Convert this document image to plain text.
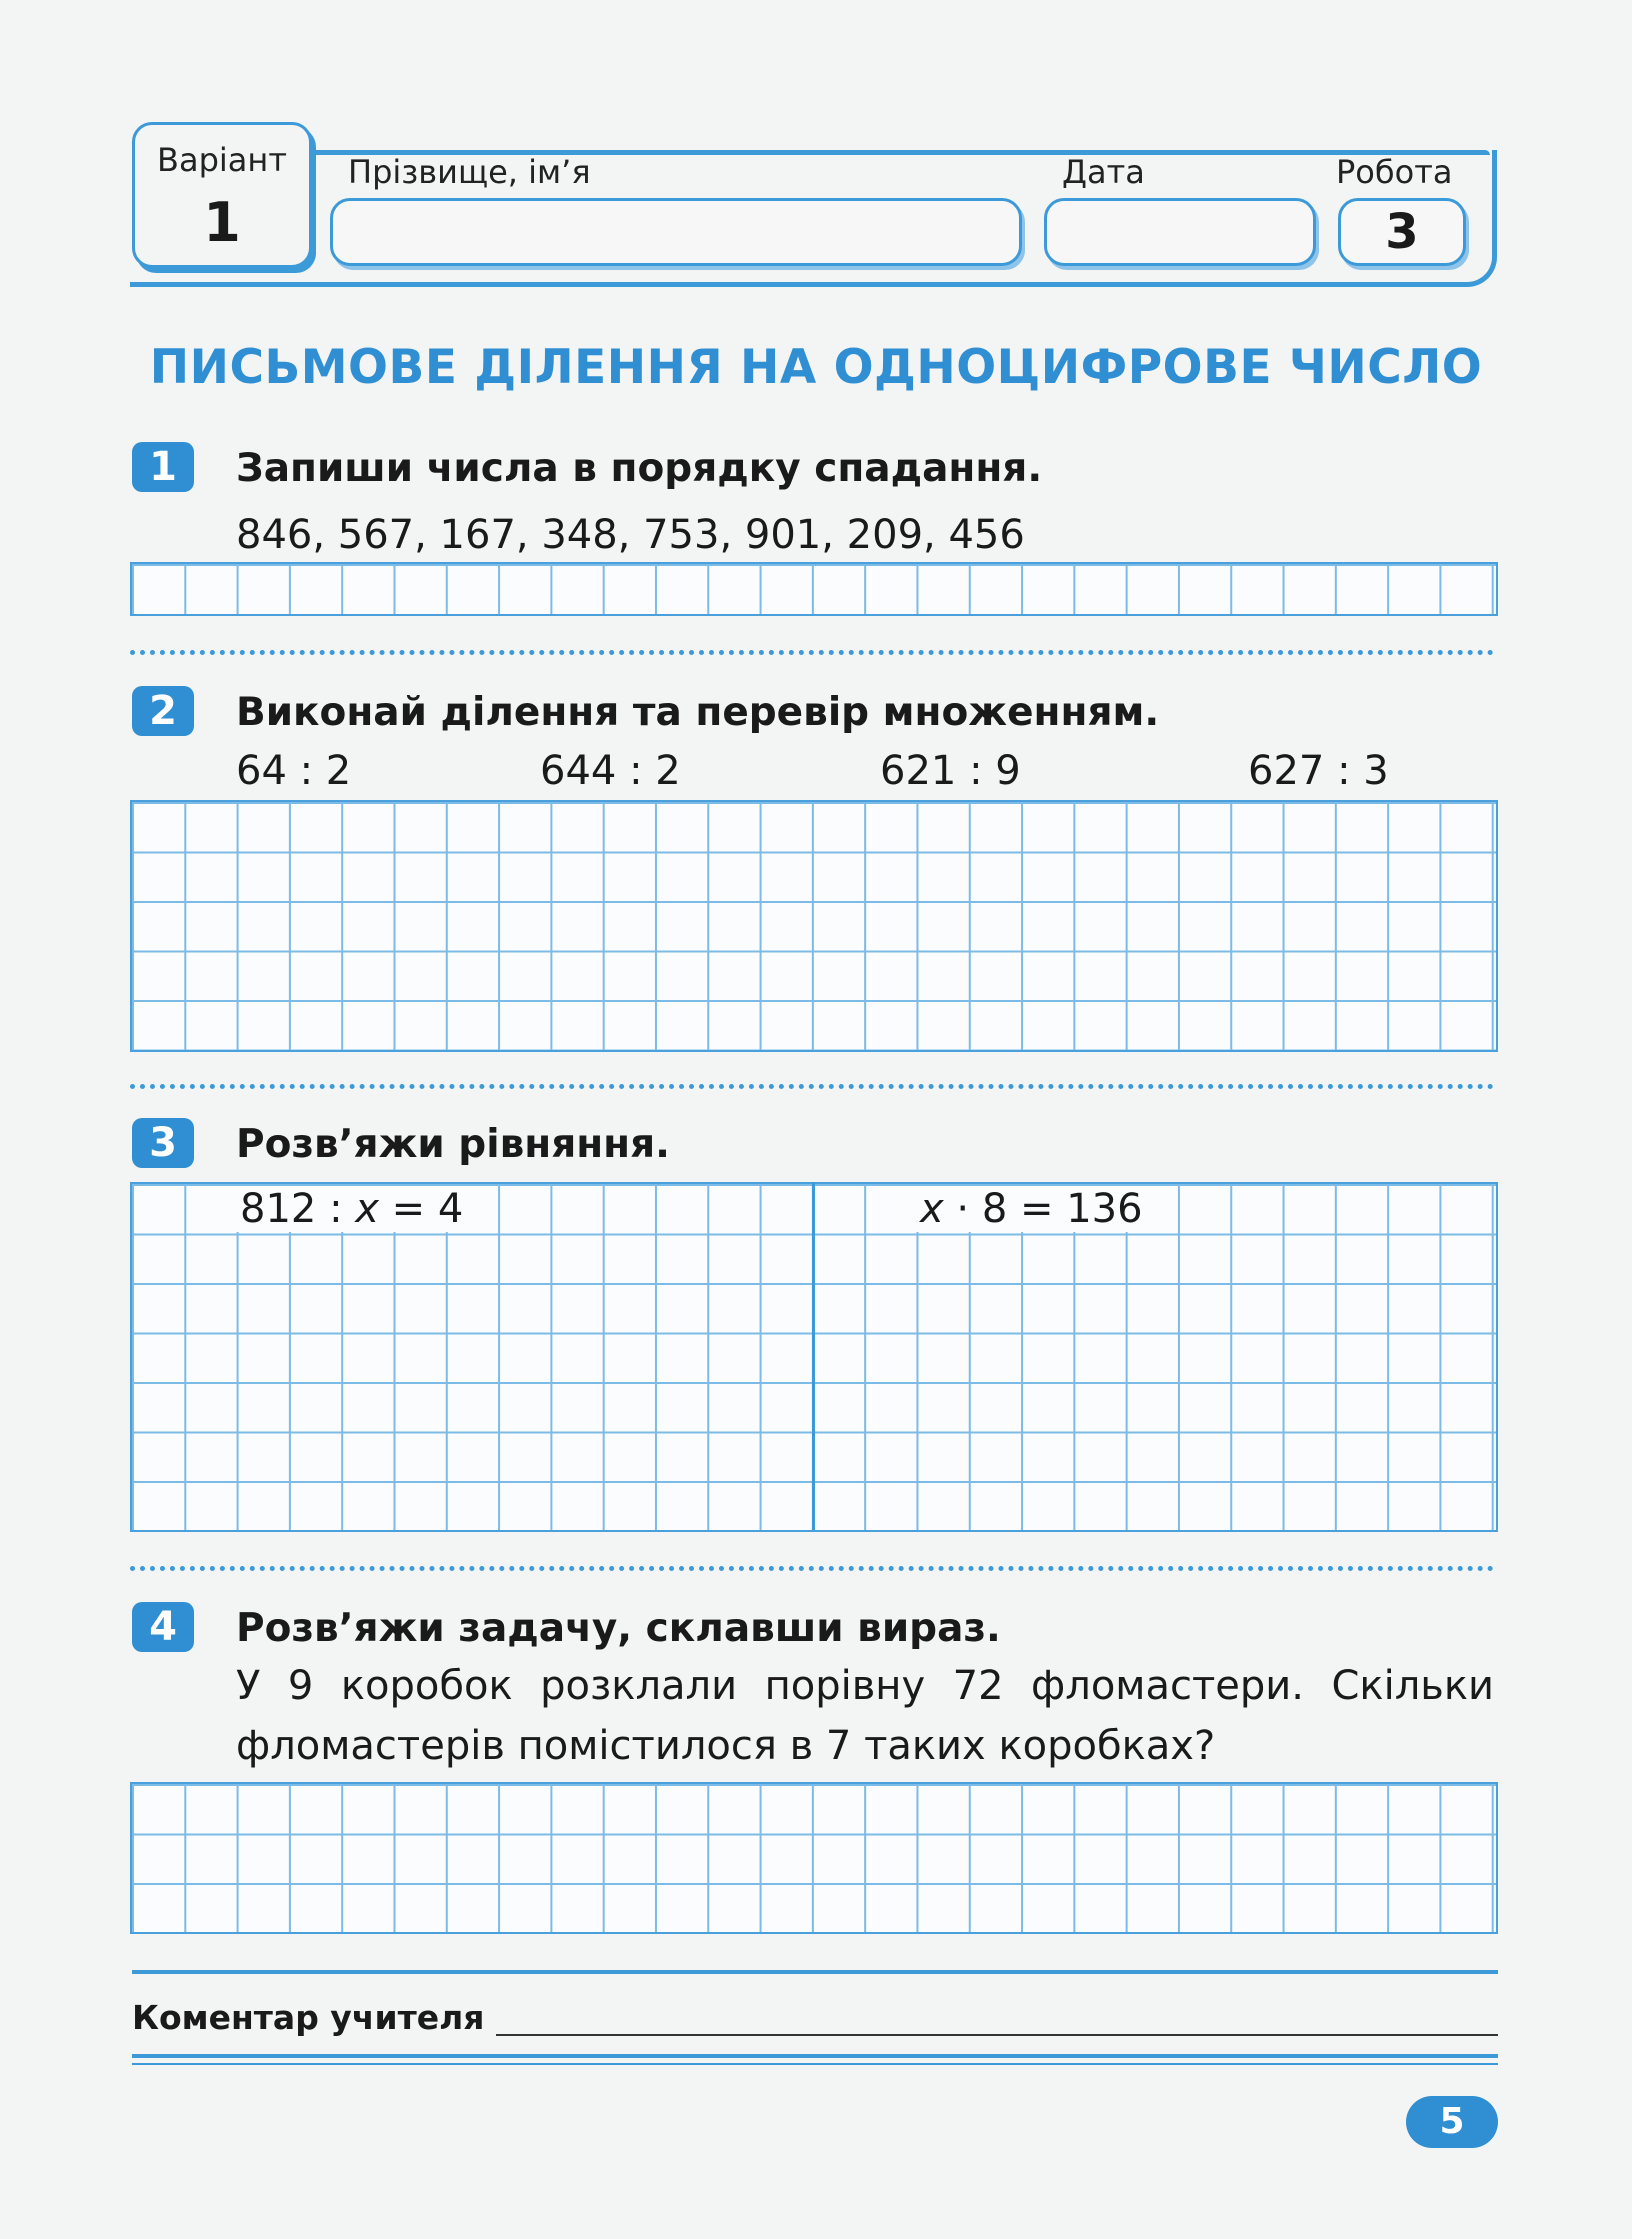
Варіант
1
Прізвище, ім’я	Дата	Робота
3
ПИСЬМОВЕ ДІЛЕННЯ НА ОДНОЦИФРОВЕ ЧИСЛО
1	Запиши числа в порядку спадання.
846, 567, 167, 348, 753, 901, 209, 456
2	Виконай ділення та перевір множенням.
64 : 2	644 : 2	621 : 9	627 : 3
3	Розв’яжи рівняння.
812 : x = 4	x · 8 = 136
4	Розв’яжи задачу, склавши вираз.
У 9 коробок розклали порівну 72 фломастери. Скільки фломастерів помістилося в 7 таких коробках?
Коментар учителя
5
